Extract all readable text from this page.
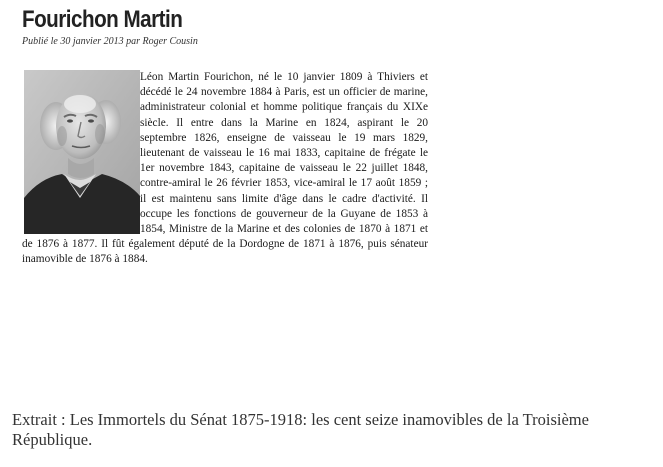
Fourichon Martin
Publié le 30 janvier 2013 par Roger Cousin
Léon Martin Fourichon, né le 10 janvier 1809 à Thiviers et décédé le 24 novembre 1884 à Paris, est un officier de marine, administrateur colonial et homme politique français du XIXe siècle. Il entre dans la Marine en 1824, aspirant le 20 septembre 1826, enseigne de vaisseau le 19 mars 1829, lieutenant de vaisseau le 16 mai 1833, capitaine de frégate le 1er novembre 1843, capitaine de vaisseau le 22 juillet 1848, contre-amiral le 26 février 1853, vice-amiral le 17 août 1859 ; il est maintenu sans limite d'âge dans le cadre d'activité. Il occupe les fonctions de gouverneur de la Guyane de 1853 à 1854, Ministre de la Marine et des colonies de 1870 à 1871 et de 1876 à 1877. Il fût également député de la Dordogne de 1871 à 1876, puis sénateur inamovible de 1876 à 1884.
Extrait : Les Immortels du Sénat 1875-1918: les cent seize inamovibles de la Troisième République.
